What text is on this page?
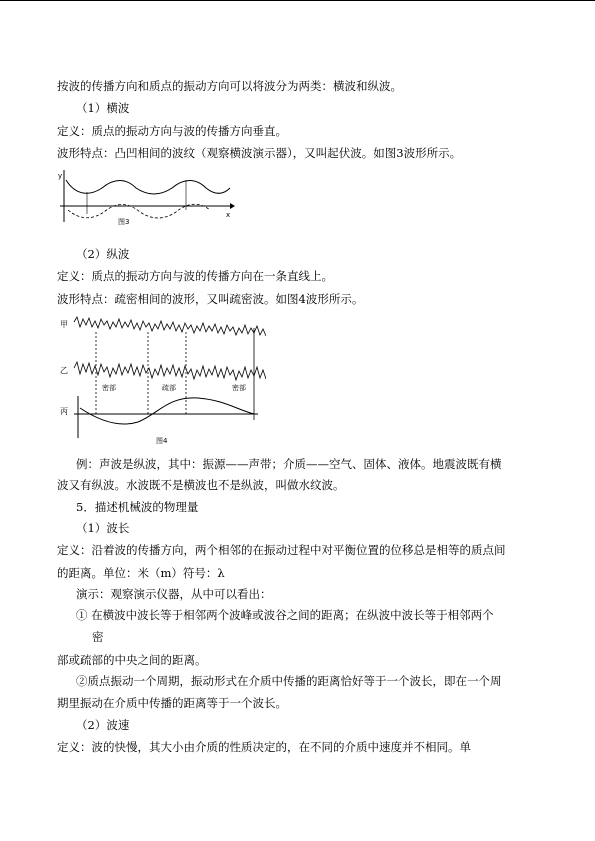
按波的传播方向和质点的振动方向可以将波分为两类：横波和纵波。
（1）横波
定义：质点的振动方向与波的传播方向垂直。
波形特点：凸凹相间的波纹（观察横波演示器），又叫起伏波。如图3波形所示。
y
x
图3
（2）纵波
定义：质点的振动方向与波的传播方向在一条直线上。
波形特点：疏密相间的波形，又叫疏密波。如图4波形所示。
甲
乙
密部	疏部	密部
丙
图4
例：声波是纵波，其中：振源——声带；介质——空气、固体、液体。地震波既有横
波又有纵波。水波既不是横波也不是纵波，叫做水纹波。
5．描述机械波的物理量
（1）波长
定义：沿着波的传播方向，两个相邻的在振动过程中对平衡位置的位移总是相等的质点间
的距离。单位：米（m）符号：λ
演示：观察演示仪器，从中可以看出：
① 在横波中波长等于相邻两个波峰或波谷之间的距离；在纵波中波长等于相邻两个
密
部或疏部的中央之间的距离。
②质点振动一个周期，振动形式在介质中传播的距离恰好等于一个波长，即在一个周
期里振动在介质中传播的距离等于一个波长。
（2）波速
定义：波的快慢，其大小由介质的性质决定的，在不同的介质中速度并不相同。单
